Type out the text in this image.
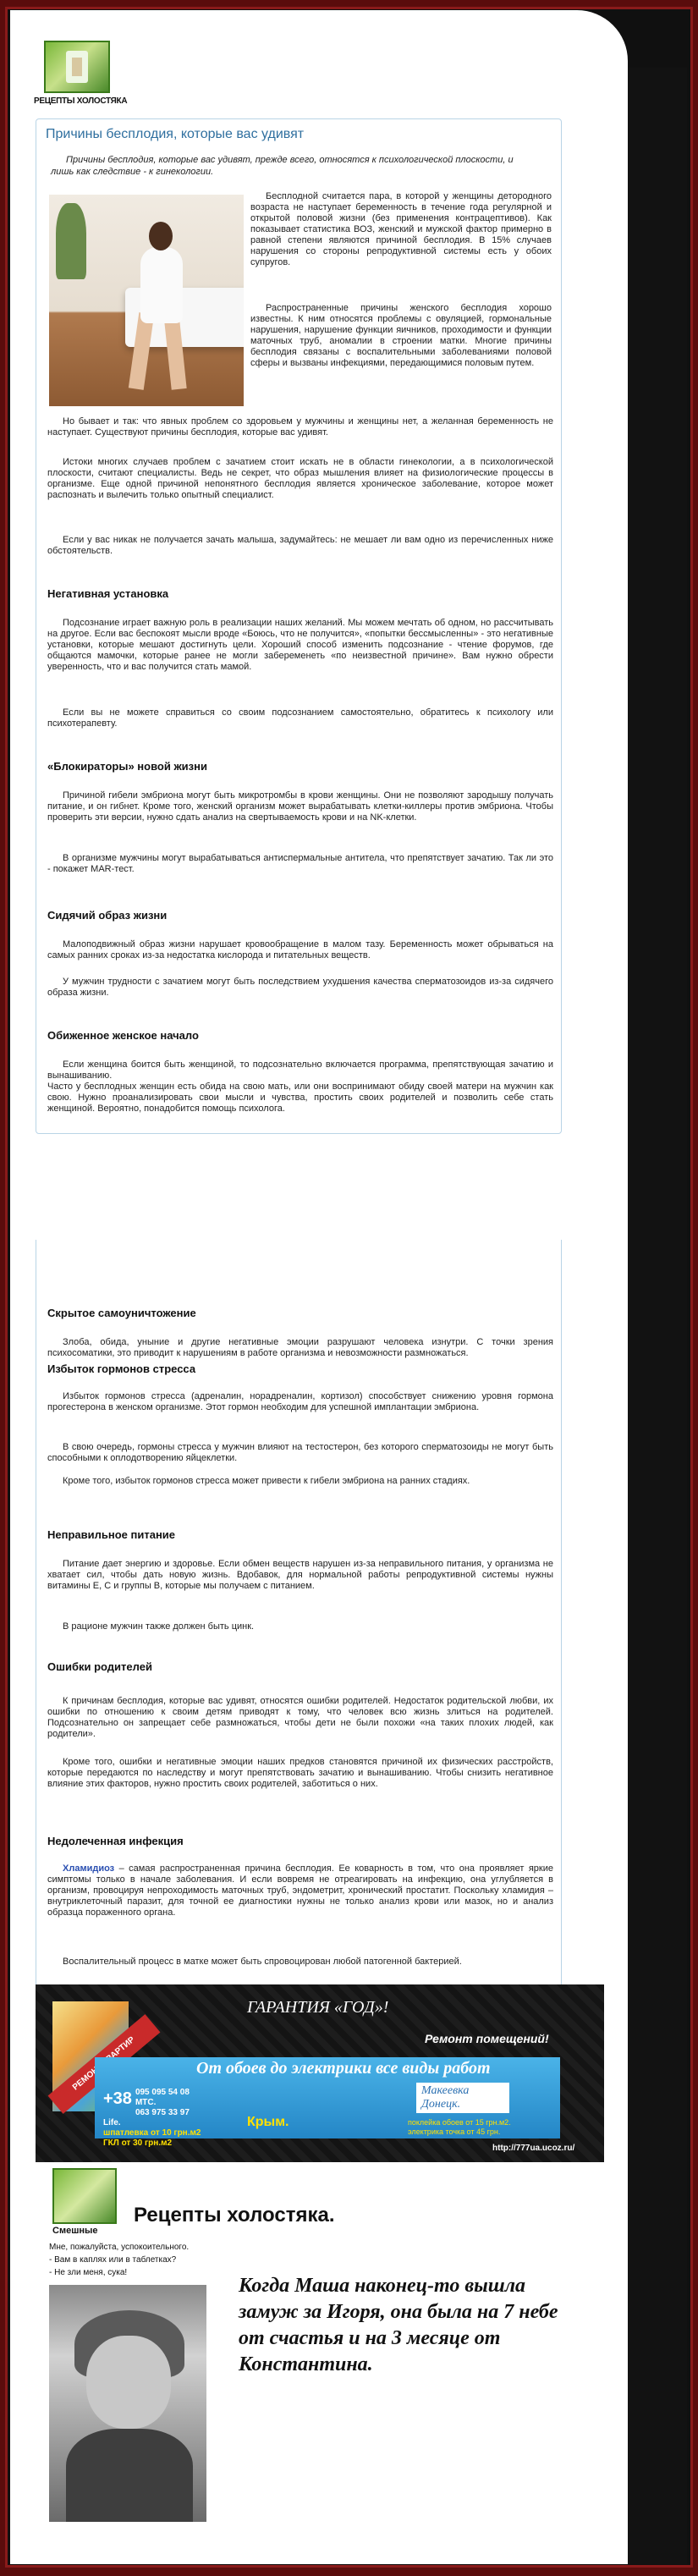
РЕЦЕПТЫ ХОЛОСТЯКА
Причины бесплодия, которые вас удивят
Причины бесплодия, которые вас удивят, прежде всего, относятся к психологической плоскости, и лишь как следствие - к гинекологии.
Бесплодной считается пара, в которой у женщины детородного возраста не наступает беременность в течение года регулярной и открытой половой жизни (без применения контрацептивов). Как показывает статистика ВОЗ, женский и мужской фактор примерно в равной степени являются причиной бесплодия. В 15% случаев нарушения со стороны репродуктивной системы есть у обоих супругов.
Распространенные причины женского бесплодия хорошо известны. К ним относятся проблемы с овуляцией, гормональные нарушения, нарушение функции яичников, проходимости и функции маточных труб, аномалии в строении матки. Многие причины бесплодия связаны с воспалительными заболеваниями половой сферы и вызваны инфекциями, передающимися половым путем.
Но бывает и так: что явных проблем со здоровьем у мужчины и женщины нет, а желанная беременность не наступает. Существуют причины бесплодия, которые вас удивят.
Истоки многих случаев проблем с зачатием стоит искать не в области гинекологии, а в психологической плоскости, считают специалисты. Ведь не секрет, что образ мышления влияет на физиологические процессы в организме. Еще одной причиной непонятного бесплодия является хроническое заболевание, которое может распознать и вылечить только опытный специалист.
Если у вас никак не получается зачать малыша, задумайтесь: не мешает ли вам одно из перечисленных ниже обстоятельств.
Негативная установка
Подсознание играет важную роль в реализации наших желаний. Мы можем мечтать об одном, но рассчитывать на другое. Если вас беспокоят мысли вроде «Боюсь, что не получится», «попытки бессмысленны» - это негативные установки, которые мешают достигнуть цели. Хороший способ изменить подсознание - чтение форумов, где общаются мамочки, которые ранее не могли забеременеть «по неизвестной причине». Вам нужно обрести уверенность, что и вас получится стать мамой.
Если вы не можете справиться со своим подсознанием самостоятельно, обратитесь к психологу или психотерапевту.
«Блокираторы» новой жизни
Причиной гибели эмбриона могут быть микротромбы в крови женщины. Они не позволяют зародышу получать питание, и он гибнет. Кроме того, женский организм может вырабатывать клетки-киллеры против эмбриона. Чтобы проверить эти версии, нужно сдать анализ на свертываемость крови и на NK-клетки.
В организме мужчины могут вырабатываться антиспермальные антитела, что препятствует зачатию. Так ли это - покажет MAR-тест.
Сидячий образ жизни
Малоподвижный образ жизни нарушает кровообращение в малом тазу. Беременность может обрываться на самых ранних сроках из-за недостатка кислорода и питательных веществ.
У мужчин трудности с зачатием могут быть последствием ухудшения качества сперматозоидов из-за сидячего образа жизни.
Обиженное женское начало
Если женщина боится быть женщиной, то подсознательно включается программа, препятствующая зачатию и вынашиванию.
Часто у бесплодных женщин есть обида на свою мать, или они воспринимают обиду своей матери на мужчин как свою. Нужно проанализировать свои мысли и чувства, простить своих родителей и позволить себе стать женщиной. Вероятно, понадобится помощь психолога.
Скрытое самоуничтожение
Злоба, обида, уныние и другие негативные эмоции разрушают человека изнутри. С точки зрения психосоматики, это приводит к нарушениям в работе организма и невозможности размножаться.
Избыток гормонов стресса
Избыток гормонов стресса (адреналин, норадреналин, кортизол) способствует снижению уровня гормона прогестерона в женском организме. Этот гормон необходим для успешной имплантации эмбриона.
В свою очередь, гормоны стресса у мужчин влияют на тестостерон, без которого сперматозоиды не могут быть способными к оплодотворению яйцеклетки.
Кроме того, избыток гормонов стресса может привести к гибели эмбриона на ранних стадиях.
Неправильное питание
Питание дает энергию и здоровье. Если обмен веществ нарушен из-за неправильного питания, у организма не хватает сил, чтобы дать новую жизнь. Вдобавок, для нормальной работы репродуктивной системы нужны витамины E, C и группы B, которые мы получаем с питанием.
В рационе мужчин также должен быть цинк.
Ошибки родителей
К причинам бесплодия, которые вас удивят, относятся ошибки родителей. Недостаток родительской любви, их ошибки по отношению к своим детям приводят к тому, что человек всю жизнь злиться на родителей. Подсознательно он запрещает себе размножаться, чтобы дети не были похожи «на таких плохих людей, как родители».
Кроме того, ошибки и негативные эмоции наших предков становятся причиной их физических расстройств, которые передаются по наследству и могут препятствовать зачатию и вынашиванию. Чтобы снизить негативное влияние этих факторов, нужно простить своих родителей, заботиться о них.
Недолеченная инфекция
Хламидиоз – самая распространенная причина бесплодия. Ее коварность в том, что она проявляет яркие симптомы только в начале заболевания. И если вовремя не отреагировать на инфекцию, она углубляется в организм, провоцируя непроходимость маточных труб, эндометрит, хронический простатит. Поскольку хламидия – внутриклеточный паразит, для точной ее диагностики нужны не только анализ крови или мазок, но и анализ образца пораженного органа.
Воспалительный процесс в матке может быть спровоцирован любой патогенной бактерией.
РЕМОНТ КВАРТИР
ГАРАНТИЯ «ГОД»!
Ремонт помещений!
От обоев до электрики все виды работ
+38 095 095 54 08 МТС.
063 975 33 97 Life.
шпатлевка от 10 грн.м2
ГКЛ от 30 грн.м2
Крым.
Макеевка Донецк.
поклейка обоев от 15 грн.м2.
электрика точка от 45 грн.
http://777ua.ucoz.ru/
Смешные
Рецепты холостяка.
Мне, пожалуйста, успокоительного.
- Вам в каплях или в таблетках?
- Не зли меня, сука!
Когда Маша наконец-то вышла замуж за Игоря, она была на 7 небе от счастья и на 3 месяце от Константина.
